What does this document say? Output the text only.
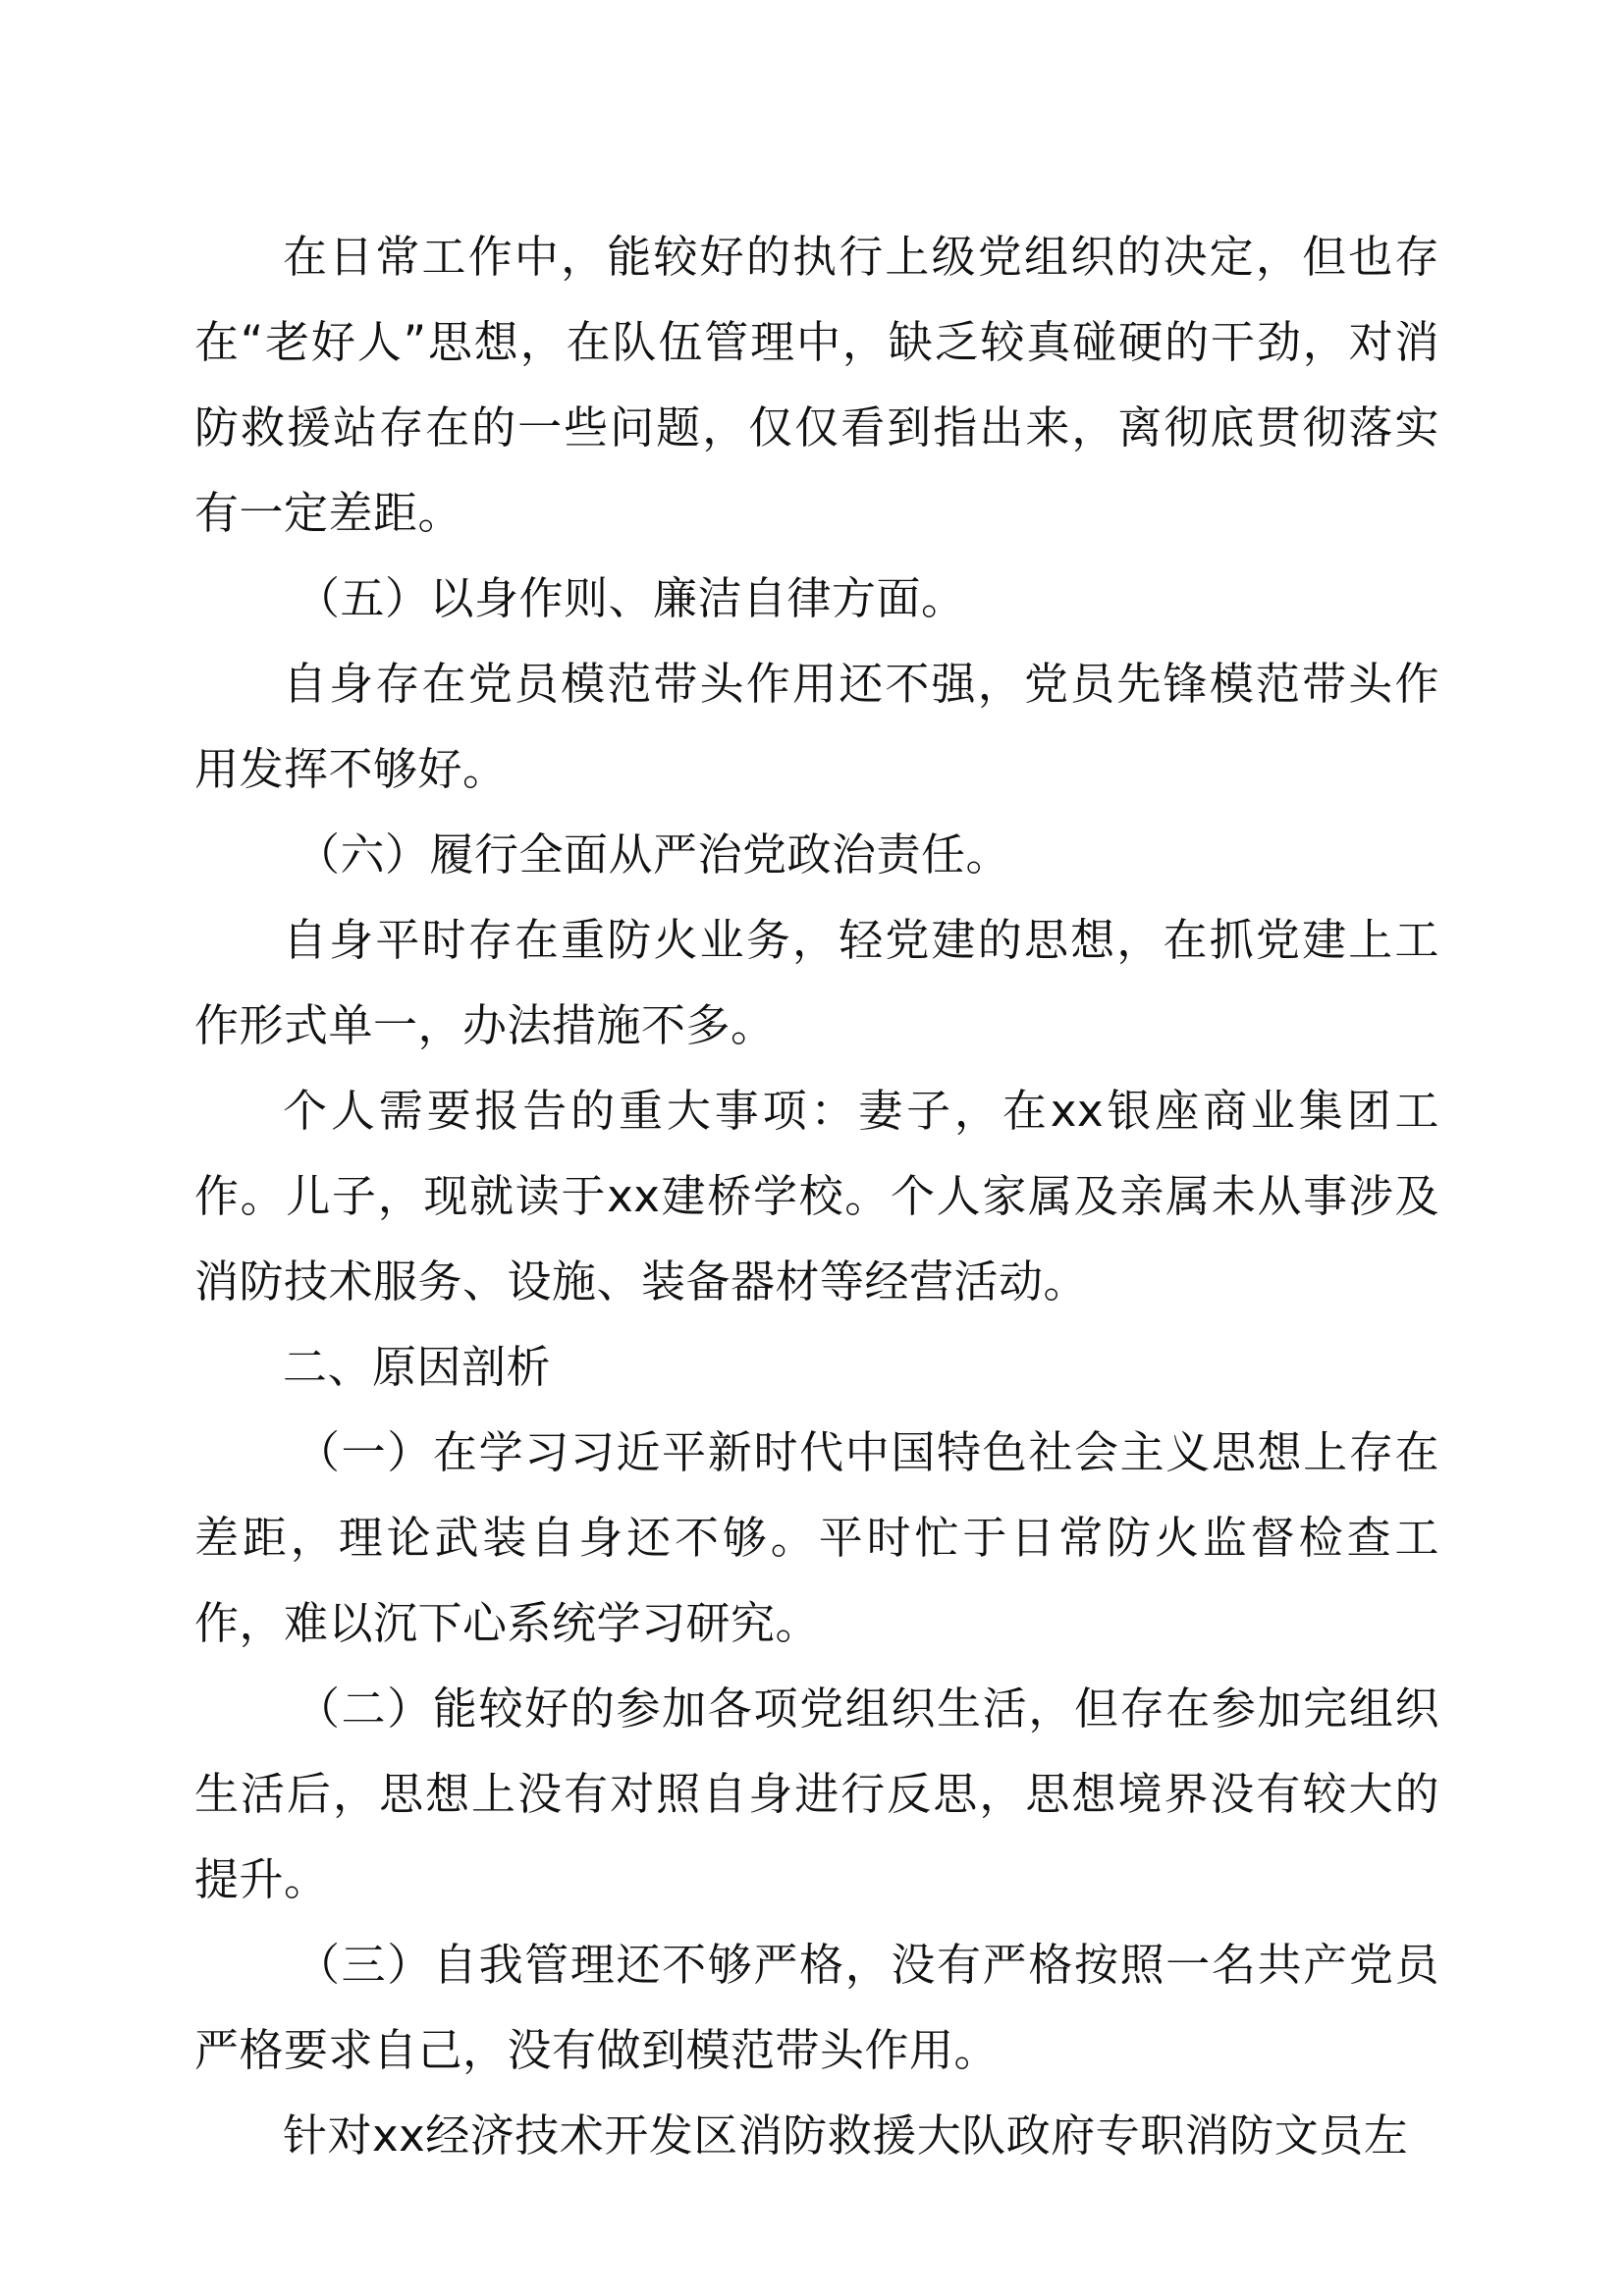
在日常工作中，能较好的执行上级党组织的决定，但也存在“老好人”思想，在队伍管理中，缺乏较真碰硬的干劲，对消防救援站存在的一些问题，仅仅看到指出来，离彻底贯彻落实有一定差距。

（五）以身作则、廉洁自律方面。

自身存在党员模范带头作用还不强，党员先锋模范带头作用发挥不够好。

（六）履行全面从严治党政治责任。

自身平时存在重防火业务，轻党建的思想，在抓党建上工作形式单一，办法措施不多。

个人需要报告的重大事项：妻子，在xx银座商业集团工作。儿子，现就读于xx建桥学校。个人家属及亲属未从事涉及消防技术服务、设施、装备器材等经营活动。

二、原因剖析

（一）在学习习近平新时代中国特色社会主义思想上存在差距，理论武装自身还不够。平时忙于日常防火监督检查工作，难以沉下心系统学习研究。

（二）能较好的参加各项党组织生活，但存在参加完组织生活后，思想上没有对照自身进行反思，思想境界没有较大的提升。

（三）自我管理还不够严格，没有严格按照一名共产党员严格要求自己，没有做到模范带头作用。

针对xx经济技术开发区消防救援大队政府专职消防文员左
